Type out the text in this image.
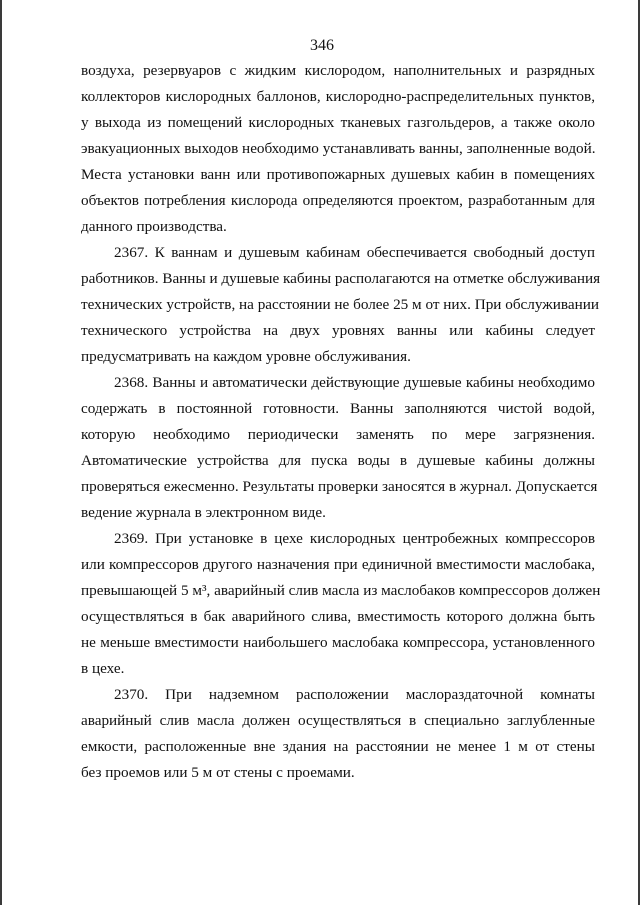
346
воздуха, резервуаров с жидким кислородом, наполнительных и разрядных
коллекторов кислородных баллонов, кислородно-распределительных пунктов,
у выхода из помещений кислородных тканевых газгольдеров, а также около
эвакуационных выходов необходимо устанавливать ванны, заполненные водой.
Места установки ванн или противопожарных душевых кабин в помещениях
объектов потребления кислорода определяются проектом, разработанным для
данного производства.
2367. К ваннам и душевым кабинам обеспечивается свободный доступ
работников. Ванны и душевые кабины располагаются на отметке обслуживания
технических устройств, на расстоянии не более 25 м от них. При обслуживании
технического устройства на двух уровнях ванны или кабины следует
предусматривать на каждом уровне обслуживания.
2368. Ванны и автоматически действующие душевые кабины необходимо
содержать в постоянной готовности. Ванны заполняются чистой водой,
которую необходимо периодически заменять по мере загрязнения.
Автоматические устройства для пуска воды в душевые кабины должны
проверяться ежесменно. Результаты проверки заносятся в журнал. Допускается
ведение журнала в электронном виде.
2369. При установке в цехе кислородных центробежных компрессоров
или компрессоров другого назначения при единичной вместимости маслобака,
превышающей 5 м³, аварийный слив масла из маслобаков компрессоров должен
осуществляться в бак аварийного слива, вместимость которого должна быть
не меньше вместимости наибольшего маслобака компрессора, установленного
в цехе.
2370. При надземном расположении маслораздаточной комнаты
аварийный слив масла должен осуществляться в специально заглубленные
емкости, расположенные вне здания на расстоянии не менее 1 м от стены
без проемов или 5 м от стены с проемами.
